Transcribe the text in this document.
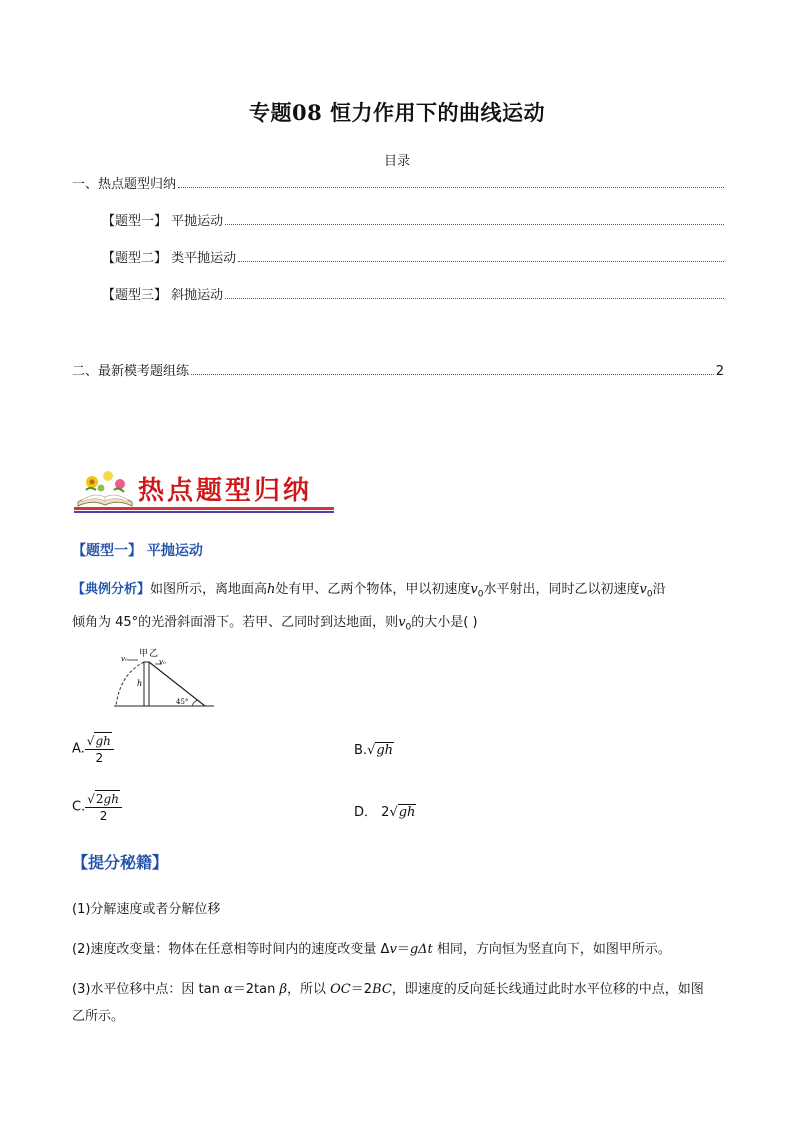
专题08 恒力作用下的曲线运动
目录
一、热点题型归纳
【题型一】 平抛运动
【题型二】 类平抛运动
【题型三】 斜抛运动
二、最新模考题组练	2
热点题型归纳
【题型一】 平抛运动
【典例分析】如图所示，离地面高h处有甲、乙两个物体，甲以初速度$v_0$水平射出，同时乙以初速度$v_0$沿
倾角为 45°的光滑斜面滑下。若甲、乙同时到达地面，则$v_0$的大小是( )
v₀ 甲 乙
v₀
h
45°
A. $\frac{√gh}{2}$	B.√gh
C. $\frac{√2gh}{2}$	D． 2√gh
【提分秘籍】
(1)分解速度或者分解位移
(2)速度改变量：物体在任意相等时间内的速度改变量 Δv＝gΔt 相同，方向恒为竖直向下，如图甲所示。
(3)水平位移中点：因 tan α＝2tan β，所以 OC＝2BC，即速度的反向延长线通过此时水平位移的中点，如图
乙所示。
